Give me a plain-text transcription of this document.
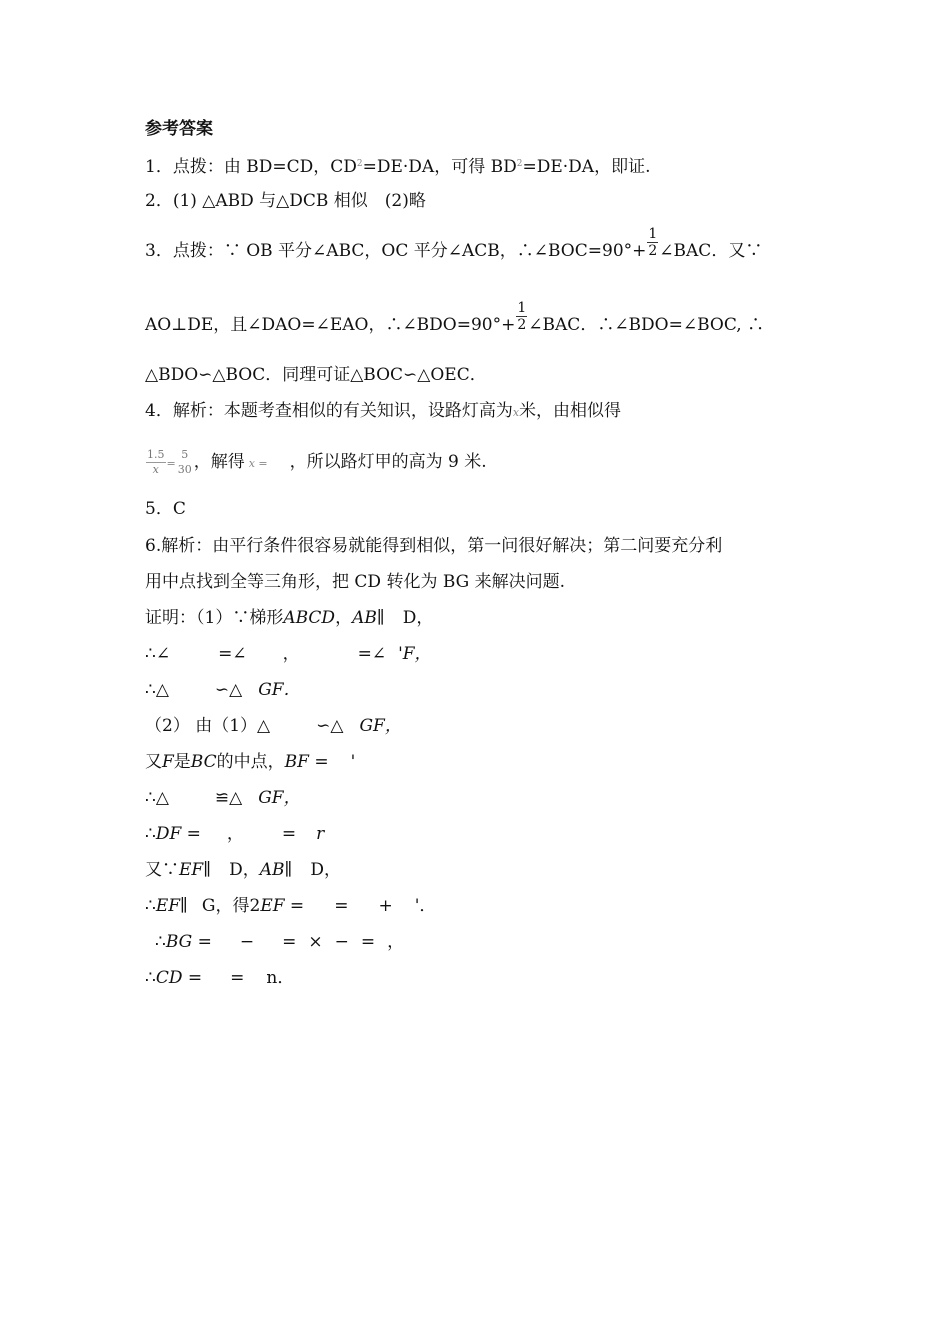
参考答案
1．点拨：由 BD=CD，$CD^2=DE\cdot DA$，可得 $BD^2=DE\cdot DA$，即证.
2．(1) △ABD 与△DCB 相似　(2)略
3．点拨：∵ OB 平分∠ABC，OC 平分∠ACB，∴∠BOC=90°+ $\frac{1}{2}$ ∠BAC．又∵
AO⊥DE，且∠DAO=∠EAO，∴∠BDO=90°+ $\frac{1}{2}$ ∠BAC．∴∠BDO=∠BOC, ∴
△BDO∽△BOC．同理可证△BOC∽△OEC．
4．解析：本题考查相似的有关知识，设路灯高为x米，由相似得
$\frac{1.5}{x}$ =
5
30 ，解得 x = ，所以路灯甲的高为 9 米.
5．C
6.解析：由平行条件很容易就能得到相似，第一问很好解决；第二问要充分利
用中点找到全等三角形，把 CD 转化为 BG 来解决问题.
证明：（1）∵梯形ABCD，AB∥ D，
∴∠	=∠ ，	=∠ 'F，
∴△	∽△ GF．
（2） 由（1）△	∽△ GF，
又F是BC的中点，BF = '
∴△	≌△ GF，
∴DF = ， = r
又∵EF∥ D，AB∥ D，
∴EF∥ G，得2EF = = + '．
∴BG = − = × − = ，
∴CD = = n．
